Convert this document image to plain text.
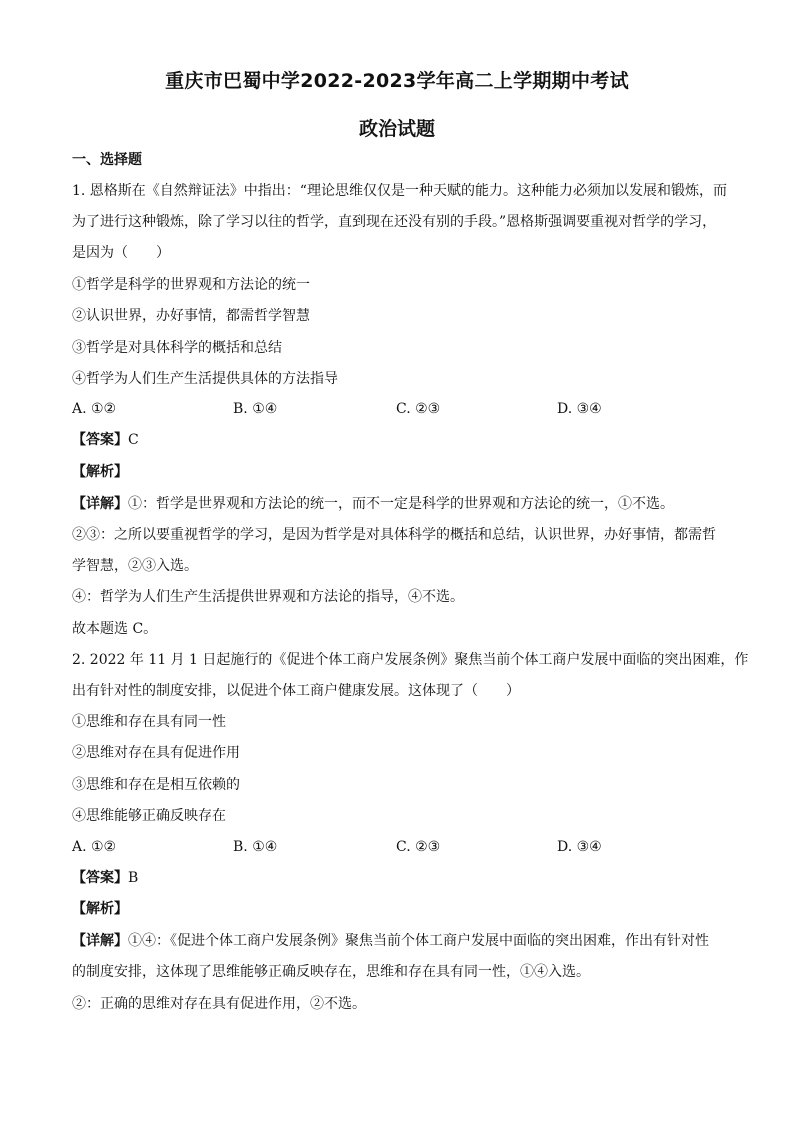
重庆市巴蜀中学2022-2023学年高二上学期期中考试
政治试题
一、选择题
1. 恩格斯在《自然辩证法》中指出：“理论思维仅仅是一种天赋的能力。这种能力必须加以发展和锻炼，而
为了进行这种锻炼，除了学习以往的哲学，直到现在还没有别的手段。”恩格斯强调要重视对哲学的学习，
是因为（　　）
①哲学是科学的世界观和方法论的统一
②认识世界，办好事情，都需哲学智慧
③哲学是对具体科学的概括和总结
④哲学为人们生产生活提供具体的方法指导
A. ①②	B. ①④	C. ②③	D. ③④
【答案】C
【解析】
【详解】①：哲学是世界观和方法论的统一，而不一定是科学的世界观和方法论的统一，①不选。
②③：之所以要重视哲学的学习，是因为哲学是对具体科学的概括和总结，认识世界，办好事情，都需哲
学智慧，②③入选。
④：哲学为人们生产生活提供世界观和方法论的指导，④不选。
故本题选 C。
2. 2022 年 11 月 1 日起施行的《促进个体工商户发展条例》聚焦当前个体工商户发展中面临的突出困难，作
出有针对性的制度安排，以促进个体工商户健康发展。这体现了（　　）
①思维和存在具有同一性
②思维对存在具有促进作用
③思维和存在是相互依赖的
④思维能够正确反映存在
A. ①②	B. ①④	C. ②③	D. ③④
【答案】B
【解析】
【详解】①④：《促进个体工商户发展条例》聚焦当前个体工商户发展中面临的突出困难，作出有针对性
的制度安排，这体现了思维能够正确反映存在，思维和存在具有同一性，①④入选。
②：正确的思维对存在具有促进作用，②不选。
